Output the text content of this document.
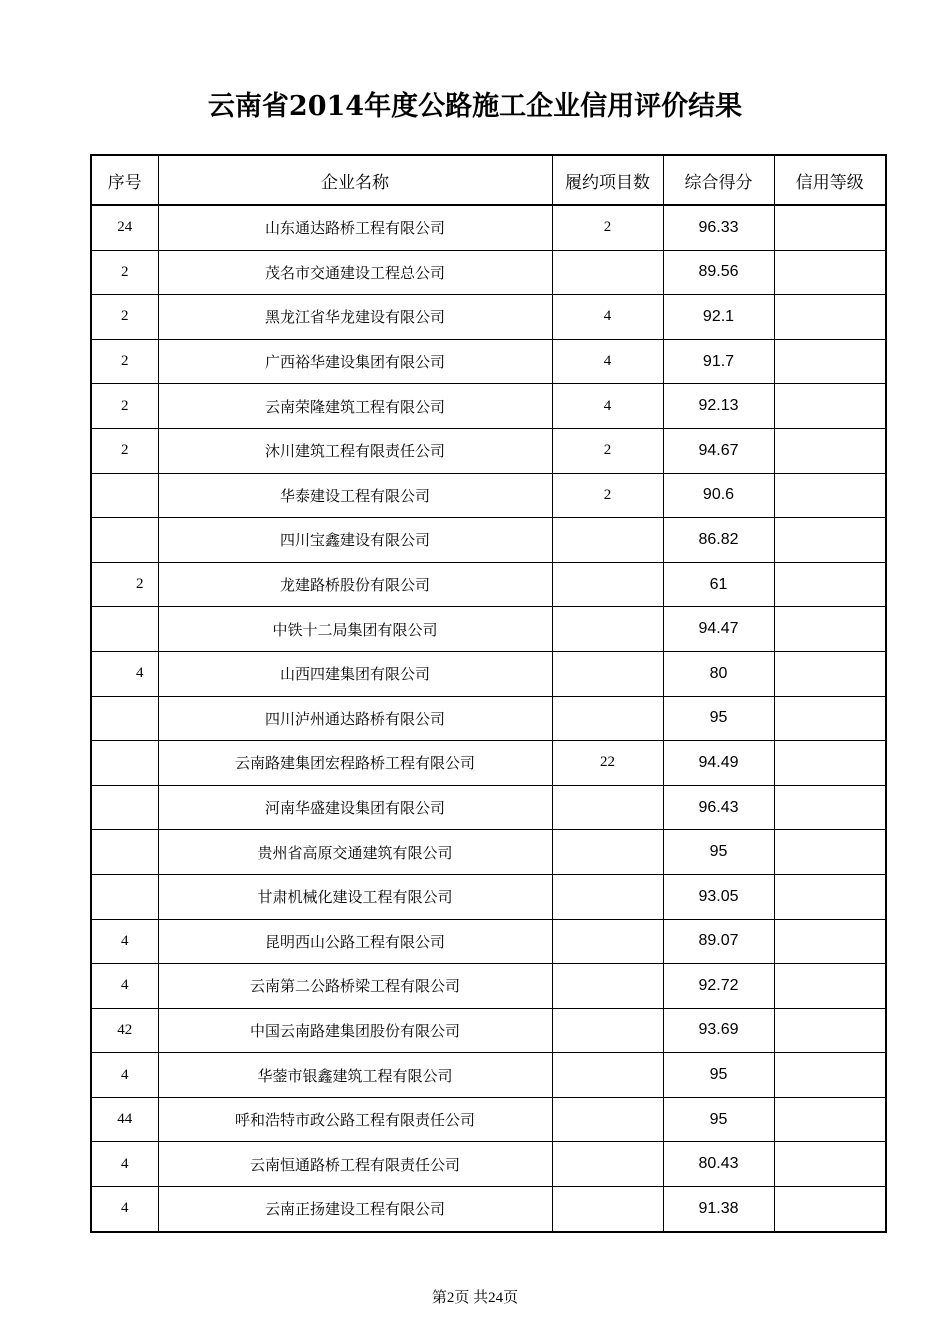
云南省2014年度公路施工企业信用评价结果
序号	企业名称	履约项目数	综合得分	信用等级
24	山东通达路桥工程有限公司	2	96.33	
2	茂名市交通建设工程总公司		89.56	
2	黑龙江省华龙建设有限公司	4	92.1	
2	广西裕华建设集团有限公司	4	91.7	
2	云南荣隆建筑工程有限公司	4	92.13	
2	沐川建筑工程有限责任公司	2	94.67	
	华泰建设工程有限公司	2	90.6	
	四川宝鑫建设有限公司		86.82	
2	龙建路桥股份有限公司		61	
	中铁十二局集团有限公司		94.47	
4	山西四建集团有限公司		80	
	四川泸州通达路桥有限公司		95	
	云南路建集团宏程路桥工程有限公司	22	94.49	
	河南华盛建设集团有限公司		96.43	
	贵州省高原交通建筑有限公司		95	
	甘肃机械化建设工程有限公司		93.05	
4	昆明西山公路工程有限公司		89.07	
4	云南第二公路桥梁工程有限公司		92.72	
42	中国云南路建集团股份有限公司		93.69	
4	华蓥市银鑫建筑工程有限公司		95	
44	呼和浩特市政公路工程有限责任公司		95	
4	云南恒通路桥工程有限责任公司		80.43	
4	云南正扬建设工程有限公司		91.38	
第2页 共24页
